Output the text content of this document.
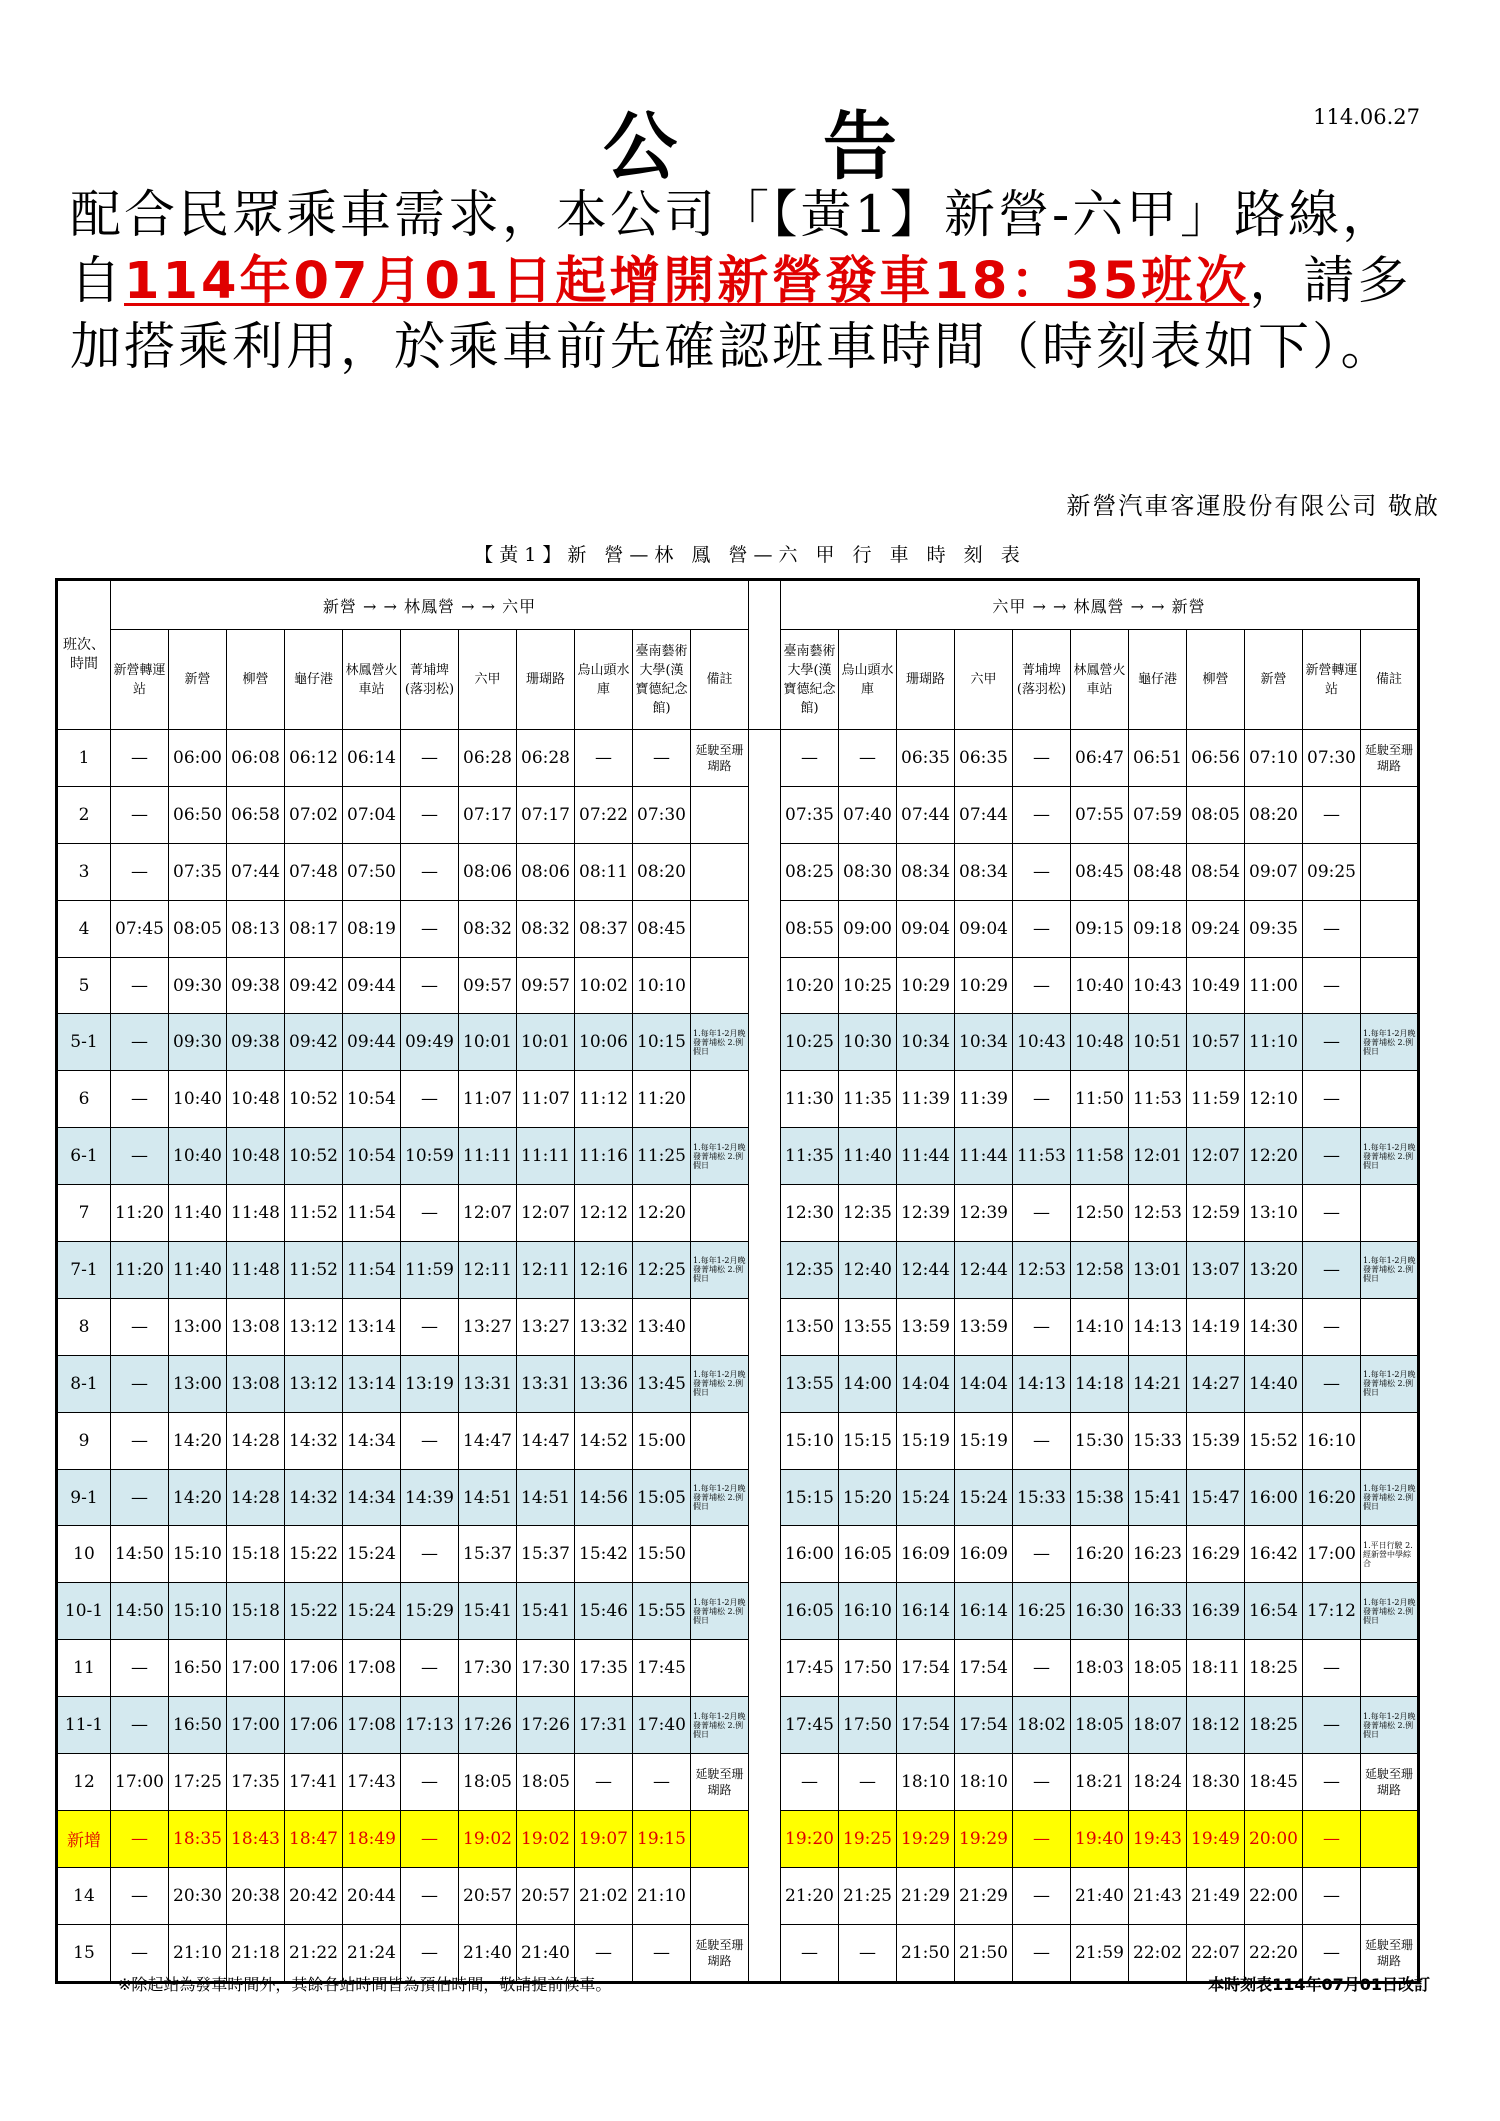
公 告	114.06.27
配合民眾乘車需求，本公司「【黃1】新營-六甲」路線，自114年07月01日起增開新營發車18：35班次，請多加搭乘利用，於乘車前先確認班車時間（時刻表如下）。
新營汽車客運股份有限公司 敬啟
【黃1】新 營—林 鳳 營—六 甲 行 車 時 刻 表
班次、時間	新營 → → 林鳳營 → → 六甲												六甲 → → 林鳳營 → → 新營										
	新營轉運站	新營	柳營	龜仔港	林鳳營火車站	菁埔埤(落羽松)	六甲	珊瑚路	烏山頭水庫	臺南藝術大學(漢寶德紀念館)	備註		臺南藝術大學(漢寶德紀念館)	烏山頭水庫	珊瑚路	六甲	菁埔埤(落羽松)	林鳳營火車站	龜仔港	柳營	新營	新營轉運站	備註
1	—	06:00	06:08	06:12	06:14	—	06:28	06:28	—	—	延駛至珊瑚路		—	—	06:35	06:35	—	06:47	06:51	06:56	07:10	07:30	延駛至珊瑚路
2	—	06:50	06:58	07:02	07:04	—	07:17	07:17	07:22	07:30			07:35	07:40	07:44	07:44	—	07:55	07:59	08:05	08:20	—	
3	—	07:35	07:44	07:48	07:50	—	08:06	08:06	08:11	08:20			08:25	08:30	08:34	08:34	—	08:45	08:48	08:54	09:07	09:25	
4	07:45	08:05	08:13	08:17	08:19	—	08:32	08:32	08:37	08:45			08:55	09:00	09:04	09:04	—	09:15	09:18	09:24	09:35	—	
5	—	09:30	09:38	09:42	09:44	—	09:57	09:57	10:02	10:10			10:20	10:25	10:29	10:29	—	10:40	10:43	10:49	11:00	—	
5-1	—	09:30	09:38	09:42	09:44	09:49	10:01	10:01	10:06	10:15	1.每年1-2月晚發菁埔松 2.例假日		10:25	10:30	10:34	10:34	10:43	10:48	10:51	10:57	11:10	—	1.每年1-2月晚發菁埔松 2.例假日
6	—	10:40	10:48	10:52	10:54	—	11:07	11:07	11:12	11:20			11:30	11:35	11:39	11:39	—	11:50	11:53	11:59	12:10	—	
6-1	—	10:40	10:48	10:52	10:54	10:59	11:11	11:11	11:16	11:25	1.每年1-2月晚發菁埔松 2.例假日		11:35	11:40	11:44	11:44	11:53	11:58	12:01	12:07	12:20	—	1.每年1-2月晚發菁埔松 2.例假日
7	11:20	11:40	11:48	11:52	11:54	—	12:07	12:07	12:12	12:20			12:30	12:35	12:39	12:39	—	12:50	12:53	12:59	13:10	—	
7-1	11:20	11:40	11:48	11:52	11:54	11:59	12:11	12:11	12:16	12:25	1.每年1-2月晚發菁埔松 2.例假日		12:35	12:40	12:44	12:44	12:53	12:58	13:01	13:07	13:20	—	1.每年1-2月晚發菁埔松 2.例假日
8	—	13:00	13:08	13:12	13:14	—	13:27	13:27	13:32	13:40			13:50	13:55	13:59	13:59	—	14:10	14:13	14:19	14:30	—	
8-1	—	13:00	13:08	13:12	13:14	13:19	13:31	13:31	13:36	13:45	1.每年1-2月晚發菁埔松 2.例假日		13:55	14:00	14:04	14:04	14:13	14:18	14:21	14:27	14:40	—	1.每年1-2月晚發菁埔松 2.例假日
9	—	14:20	14:28	14:32	14:34	—	14:47	14:47	14:52	15:00			15:10	15:15	15:19	15:19	—	15:30	15:33	15:39	15:52	16:10	
9-1	—	14:20	14:28	14:32	14:34	14:39	14:51	14:51	14:56	15:05	1.每年1-2月晚發菁埔松 2.例假日		15:15	15:20	15:24	15:24	15:33	15:38	15:41	15:47	16:00	16:20	1.每年1-2月晚發菁埔松 2.例假日
10	14:50	15:10	15:18	15:22	15:24	—	15:37	15:37	15:42	15:50			16:00	16:05	16:09	16:09	—	16:20	16:23	16:29	16:42	17:00	1.平日行駛 2.經新營中學綜合
10-1	14:50	15:10	15:18	15:22	15:24	15:29	15:41	15:41	15:46	15:55	1.每年1-2月晚發菁埔松 2.例假日		16:05	16:10	16:14	16:14	16:25	16:30	16:33	16:39	16:54	17:12	1.每年1-2月晚發菁埔松 2.例假日
11	—	16:50	17:00	17:06	17:08	—	17:30	17:30	17:35	17:45			17:45	17:50	17:54	17:54	—	18:03	18:05	18:11	18:25	—	
11-1	—	16:50	17:00	17:06	17:08	17:13	17:26	17:26	17:31	17:40	1.每年1-2月晚發菁埔松 2.例假日		17:45	17:50	17:54	17:54	18:02	18:05	18:07	18:12	18:25	—	1.每年1-2月晚發菁埔松 2.例假日
12	17:00	17:25	17:35	17:41	17:43	—	18:05	18:05	—	—	延駛至珊瑚路		—	—	18:10	18:10	—	18:21	18:24	18:30	18:45	—	延駛至珊瑚路
新增	—	18:35	18:43	18:47	18:49	—	19:02	19:02	19:07	19:15			19:20	19:25	19:29	19:29	—	19:40	19:43	19:49	20:00	—	
14	—	20:30	20:38	20:42	20:44	—	20:57	20:57	21:02	21:10			21:20	21:25	21:29	21:29	—	21:40	21:43	21:49	22:00	—	
15	—	21:10	21:18	21:22	21:24	—	21:40	21:40	—	—	延駛至珊瑚路		—	—	21:50	21:50	—	21:59	22:02	22:07	22:20	—	延駛至珊瑚路
※除起站為發車時間外，其餘各站時間皆為預估時間，敬請提前候車。	本時刻表114年07月01日改訂
